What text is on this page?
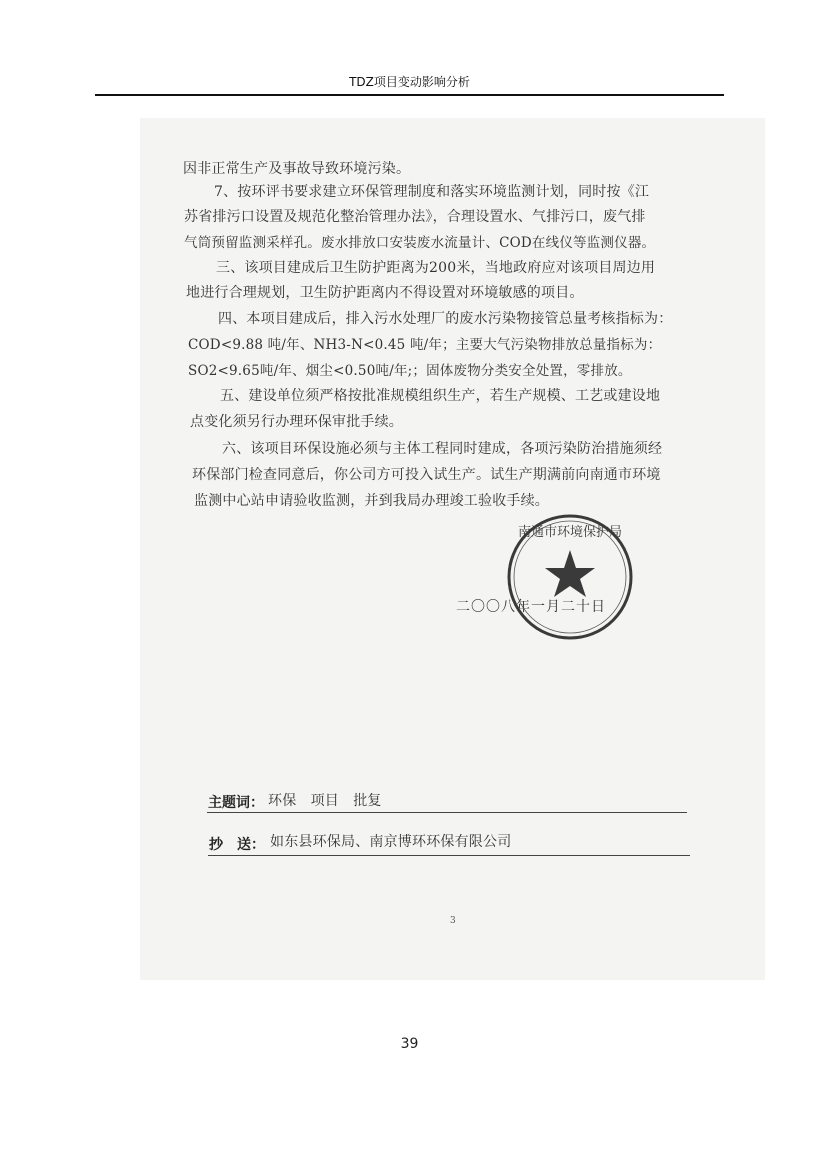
TDZ项目变动影响分析
因非正常生产及事故导致环境污染。
7、按环评书要求建立环保管理制度和落实环境监测计划，同时按《江
苏省排污口设置及规范化整治管理办法》，合理设置水、气排污口，废气排
气筒预留监测采样孔。废水排放口安装废水流量计、COD在线仪等监测仪器。
三、该项目建成后卫生防护距离为200米，当地政府应对该项目周边用
地进行合理规划，卫生防护距离内不得设置对环境敏感的项目。
四、本项目建成后，排入污水处理厂的废水污染物接管总量考核指标为：
COD<9.88 吨/年、NH3-N<0.45 吨/年；主要大气污染物排放总量指标为：
SO2<9.65吨/年、烟尘<0.50吨/年;；固体废物分类安全处置，零排放。
五、建设单位须严格按批准规模组织生产，若生产规模、工艺或建设地
点变化须另行办理环保审批手续。
六、该项目环保设施必须与主体工程同时建成，各项污染防治措施须经
环保部门检查同意后，你公司方可投入试生产。试生产期满前向南通市环境
监测中心站申请验收监测，并到我局办理竣工验收手续。
二〇〇八年一月二十日
南通市环境保护局
主题词： 环保　项目　批复
抄　送： 如东县环保局、南京博环环保有限公司
3
39
